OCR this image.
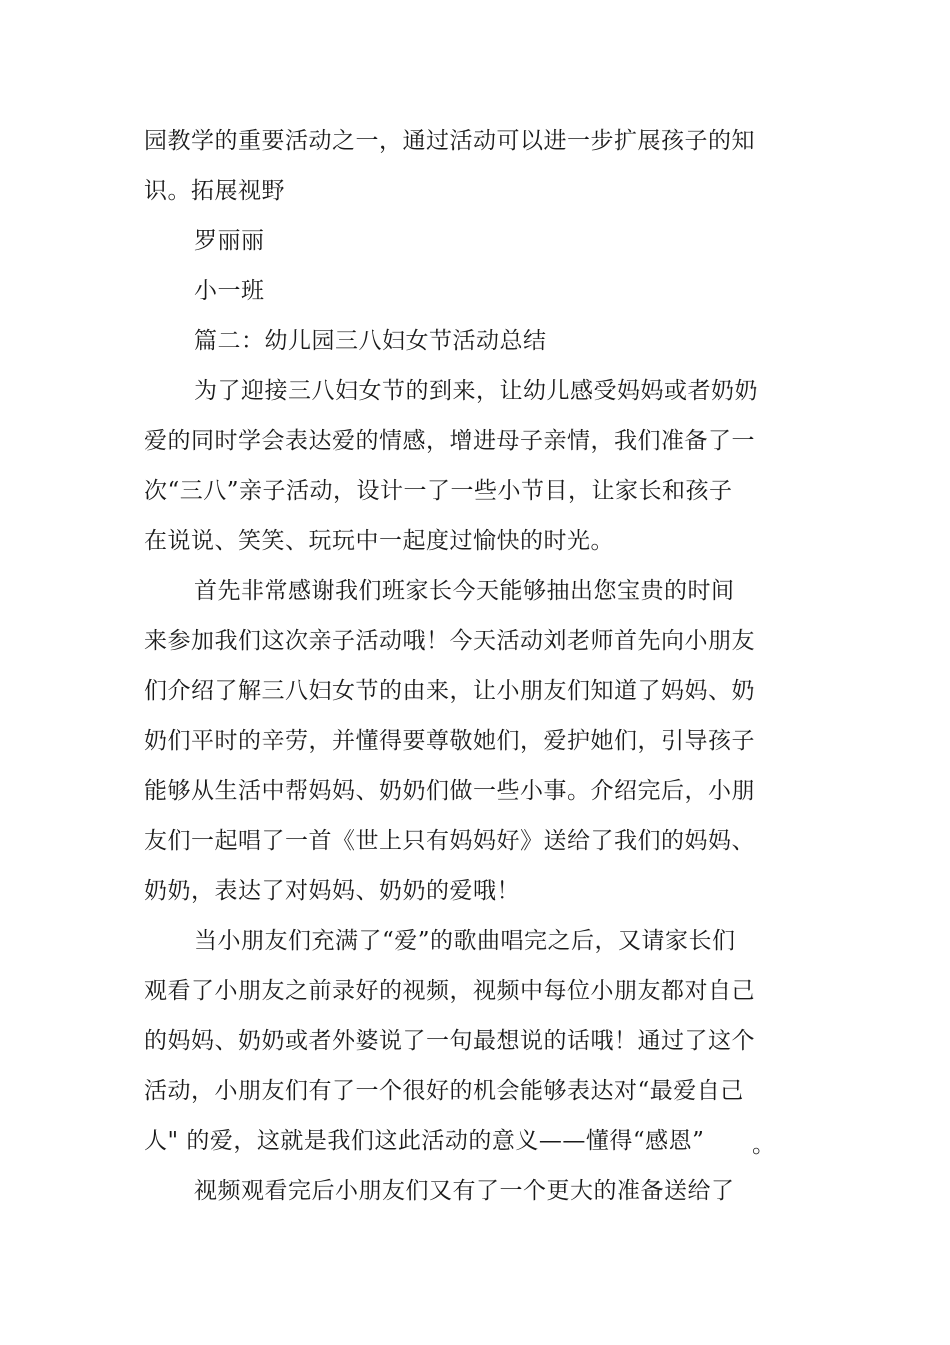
园教学的重要活动之一，通过活动可以进一步扩展孩子的知
识。拓展视野
罗丽丽
小一班
篇二：幼儿园三八妇女节活动总结
为了迎接三八妇女节的到来，让幼儿感受妈妈或者奶奶
爱的同时学会表达爱的情感，增进母子亲情，我们准备了一
次“三八”亲子活动，设计一了一些小节目，让家长和孩子
在说说、笑笑、玩玩中一起度过愉快的时光。
首先非常感谢我们班家长今天能够抽出您宝贵的时间
来参加我们这次亲子活动哦！今天活动刘老师首先向小朋友
们介绍了解三八妇女节的由来，让小朋友们知道了妈妈、奶
奶们平时的辛劳，并懂得要尊敬她们，爱护她们，引导孩子
能够从生活中帮妈妈、奶奶们做一些小事。介绍完后，小朋
友们一起唱了一首《世上只有妈妈好》送给了我们的妈妈、
奶奶，表达了对妈妈、奶奶的爱哦！
当小朋友们充满了“爱”的歌曲唱完之后，又请家长们
观看了小朋友之前录好的视频，视频中每位小朋友都对自己
的妈妈、奶奶或者外婆说了一句最想说的话哦！通过了这个
活动，小朋友们有了一个很好的机会能够表达对“最爱自己
人" 的爱，这就是我们这此活动的意义——懂得“感恩” 。
视频观看完后小朋友们又有了一个更大的准备送给了
